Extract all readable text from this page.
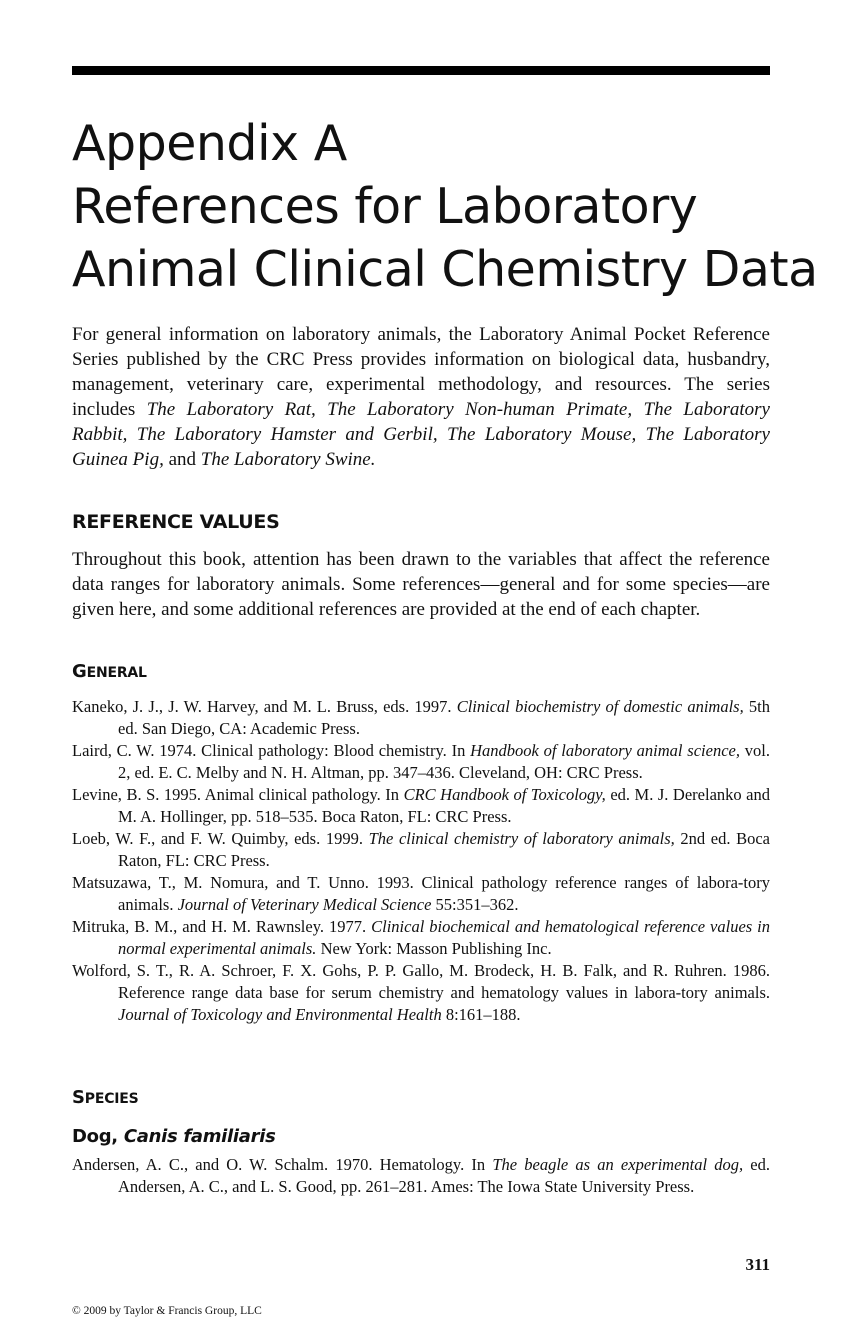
Appendix A
References for Laboratory
Animal Clinical Chemistry Data

For general information on laboratory animals, the Laboratory Animal Pocket Reference Series published by the CRC Press provides information on biological data, husbandry, management, veterinary care, experimental methodology, and resources. The series includes The Laboratory Rat, The Laboratory Non-human Primate, The Laboratory Rabbit, The Laboratory Hamster and Gerbil, The Laboratory Mouse, The Laboratory Guinea Pig, and The Laboratory Swine.

REFERENCE VALUES

Throughout this book, attention has been drawn to the variables that affect the reference data ranges for laboratory animals. Some references—general and for some species—are given here, and some additional references are provided at the end of each chapter.

GENERAL
Kaneko, J. J., J. W. Harvey, and M. L. Bruss, eds. 1997. Clinical biochemistry of domestic animals, 5th ed. San Diego, CA: Academic Press.
Laird, C. W. 1974. Clinical pathology: Blood chemistry. In Handbook of laboratory animal science, vol. 2, ed. E. C. Melby and N. H. Altman, pp. 347–436. Cleveland, OH: CRC Press.
Levine, B. S. 1995. Animal clinical pathology. In CRC Handbook of Toxicology, ed. M. J. Derelanko and M. A. Hollinger, pp. 518–535. Boca Raton, FL: CRC Press.
Loeb, W. F., and F. W. Quimby, eds. 1999. The clinical chemistry of laboratory animals, 2nd ed. Boca Raton, FL: CRC Press.
Matsuzawa, T., M. Nomura, and T. Unno. 1993. Clinical pathology reference ranges of labora-tory animals. Journal of Veterinary Medical Science 55:351–362.
Mitruka, B. M., and H. M. Rawnsley. 1977. Clinical biochemical and hematological reference values in normal experimental animals. New York: Masson Publishing Inc.
Wolford, S. T., R. A. Schroer, F. X. Gohs, P. P. Gallo, M. Brodeck, H. B. Falk, and R. Ruhren. 1986. Reference range data base for serum chemistry and hematology values in labora-tory animals. Journal of Toxicology and Environmental Health 8:161–188.
SPECIES
Dog, Canis familiaris
Andersen, A. C., and O. W. Schalm. 1970. Hematology. In The beagle as an experimental dog, ed. Andersen, A. C., and L. S. Good, pp. 261–281. Ames: The Iowa State University Press.

311

© 2009 by Taylor & Francis Group, LLC
